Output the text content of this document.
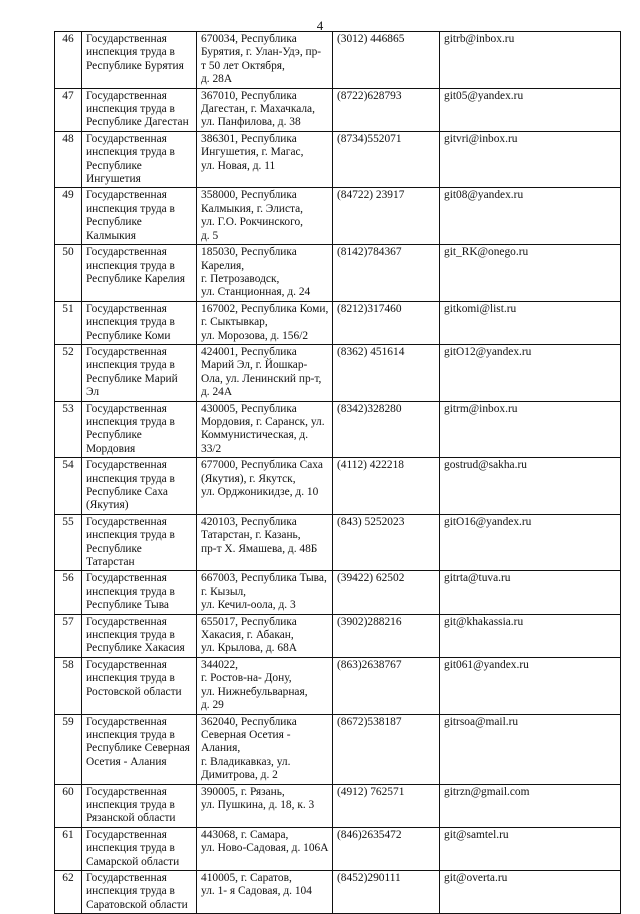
4
46	Государственная
инспекция труда в
Республике Бурятия	670034, Республика
Бурятия, г. Улан-Удэ, пр-
т 50 лет Октября,
д. 28А	(3012) 446865	gitrb@inbox.ru
47	Государственная
инспекция труда в
Республике Дагестан	367010, Республика
Дагестан, г. Махачкала,
ул. Панфилова, д. 38	(8722)628793	git05@yandex.ru
48	Государственная
инспекция труда в
Республике Ингушетия	386301, Республика
Ингушетия, г. Магас,
ул. Новая, д. 11	(8734)552071	gitvri@inbox.ru
49	Государственная
инспекция труда в
Республике Калмыкия	358000, Республика
Калмыкия, г. Элиста,
ул. Г.О. Рокчинского,
д. 5	(84722) 23917	git08@yandex.ru
50	Государственная
инспекция труда в
Республике Карелия	185030, Республика
Карелия,
г. Петрозаводск,
ул. Станционная, д. 24	(8142)784367	git_RK@onego.ru
51	Государственная
инспекция труда в
Республике Коми	167002, Республика Коми,
г. Сыктывкар,
ул. Морозова, д. 156/2	(8212)317460	gitkomi@list.ru
52	Государственная
инспекция труда в
Республике Марий Эл	424001, Республика
Марий Эл, г. Йошкар-
Ола, ул. Ленинский пр-т,
д. 24А	(8362) 451614	gitO12@yandex.ru
53	Государственная
инспекция труда в
Республике Мордовия	430005, Республика
Мордовия, г. Саранск, ул.
Коммунистическая, д. 33/2	(8342)328280	gitrm@inbox.ru
54	Государственная
инспекция труда в
Республике Саха
(Якутия)	677000, Республика Саха
(Якутия), г. Якутск,
ул. Орджоникидзе, д. 10	(4112) 422218	gostrud@sakha.ru
55	Государственная
инспекция труда в
Республике Татарстан	420103, Республика
Татарстан, г. Казань,
пр-т Х. Ямашева, д. 48Б	(843) 5252023	gitO16@yandex.ru
56	Государственная
инспекция труда в
Республике Тыва	667003, Республика Тыва,
г. Кызыл,
ул. Кечил-оола, д. 3	(39422) 62502	gitrta@tuva.ru
57	Государственная
инспекция труда в
Республике Хакасия	655017, Республика
Хакасия, г. Абакан,
ул. Крылова, д. 68А	(3902)288216	git@khakassia.ru
58	Государственная
инспекция труда в
Ростовской области	344022,
г. Ростов-на- Дону,
ул. Нижнебульварная,
д. 29	(863)2638767	git061@yandex.ru
59	Государственная
инспекция труда в
Республике Северная
Осетия - Алания	362040, Республика
Северная Осетия - Алания,
г. Владикавказ, ул.
Димитрова, д. 2	(8672)538187	gitrsoa@mail.ru
60	Государственная
инспекция труда в
Рязанской области	390005, г. Рязань,
ул. Пушкина, д. 18, к. 3	(4912) 762571	gitrzn@gmail.com
61	Государственная
инспекция труда в
Самарской области	443068, г. Самара,
ул. Ново-Садовая, д. 106А	(846)2635472	git@samtel.ru
62	Государственная
инспекция труда в
Саратовской области	410005, г. Саратов,
ул. 1- я Садовая, д. 104	(8452)290111	git@overta.ru
